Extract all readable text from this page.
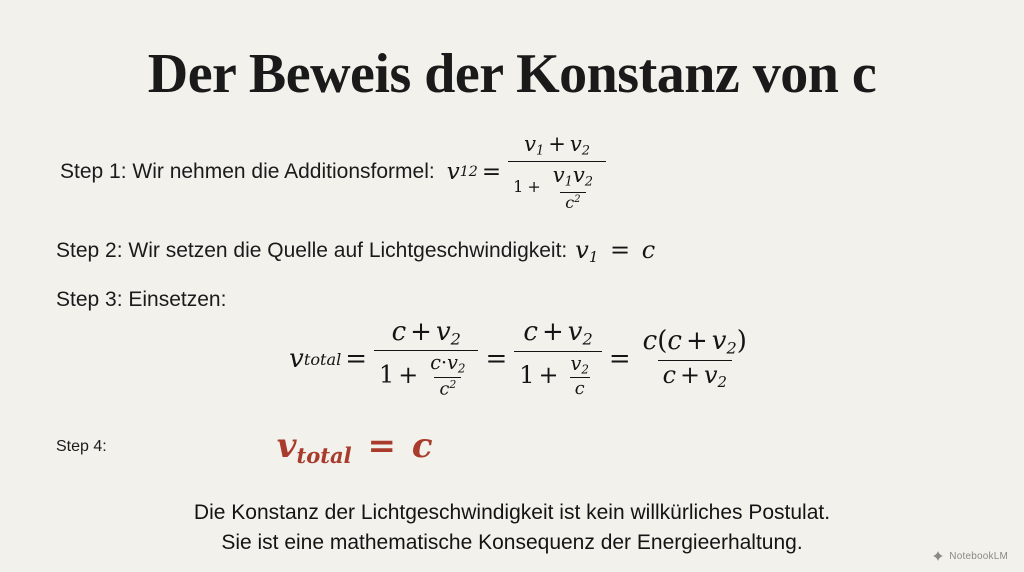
Der Beweis der Konstanz von c
Step 1: Wir nehmen die Additionsformel: v $12 = \frac{v_1 + v_2}{1 + \frac{v_1v_2}{c^2}}$
Step 2: Wir setzen die Quelle auf Lichtgeschwindigkeit: $v_1 = c$
Step 3: Einsetzen:
v total = $\frac{c + v_2}{1 + \frac{c\cdot v_2}{c^2}} = \frac{c + v_2}{1 + \frac{v_2}{c}} = \frac{c(c + v_2)}{c + v_2}$
Step 4:	$v_{total} = c$
Die Konstanz der Lichtgeschwindigkeit ist kein willkürliches Postulat.
Sie ist eine mathematische Konsequenz der Energieerhaltung.
NotebookLM
